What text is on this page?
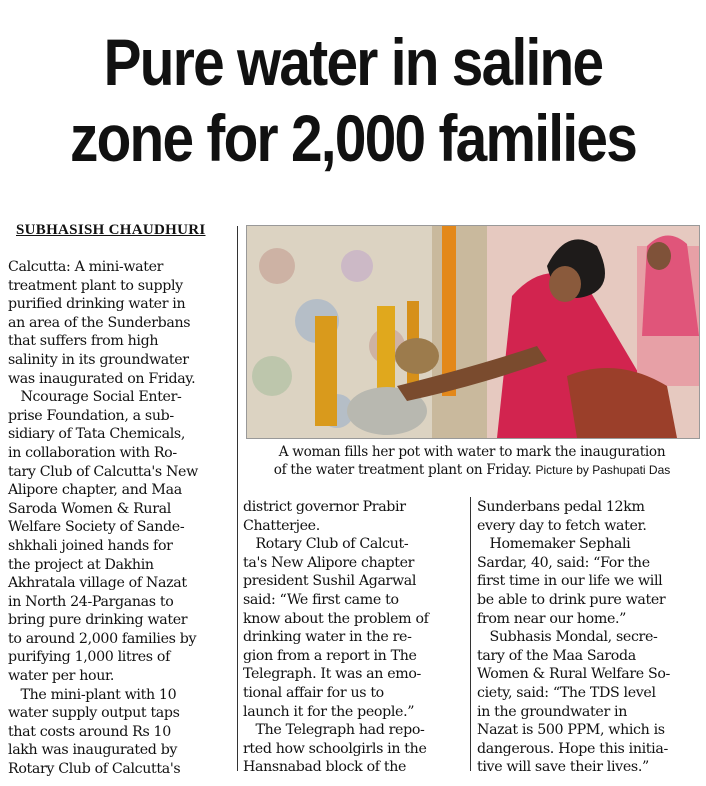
Pure water in saline
zone for 2,000 families
SUBHASISH CHAUDHURI
Calcutta: A mini-water
treatment plant to supply
purified drinking water in
an area of the Sunderbans
that suffers from high
salinity in its groundwater
was inaugurated on Friday.
Ncourage Social Enter-
prise Foundation, a sub-
sidiary of Tata Chemicals,
in collaboration with Ro-
tary Club of Calcutta's New
Alipore chapter, and Maa
Saroda Women & Rural
Welfare Society of Sande-
shkhali joined hands for
the project at Dakhin
Akhratala village of Nazat
in North 24-Parganas to
bring pure drinking water
to around 2,000 families by
purifying 1,000 litres of
water per hour.
The mini-plant with 10
water supply output taps
that costs around Rs 10
lakh was inaugurated by
Rotary Club of Calcutta's
A woman fills her pot with water to mark the inauguration
of the water treatment plant on Friday. Picture by Pashupati Das
district governor Prabir
Chatterjee.
Rotary Club of Calcut-
ta's New Alipore chapter
president Sushil Agarwal
said: “We first came to
know about the problem of
drinking water in the re-
gion from a report in The
Telegraph. It was an emo-
tional affair for us to
launch it for the people.”
The Telegraph had repo-
rted how schoolgirls in the
Hansnabad block of the
Sunderbans pedal 12km
every day to fetch water.
Homemaker Sephali
Sardar, 40, said: “For the
first time in our life we will
be able to drink pure water
from near our home.”
Subhasis Mondal, secre-
tary of the Maa Saroda
Women & Rural Welfare So-
ciety, said: “The TDS level
in the groundwater in
Nazat is 500 PPM, which is
dangerous. Hope this initia-
tive will save their lives.”
